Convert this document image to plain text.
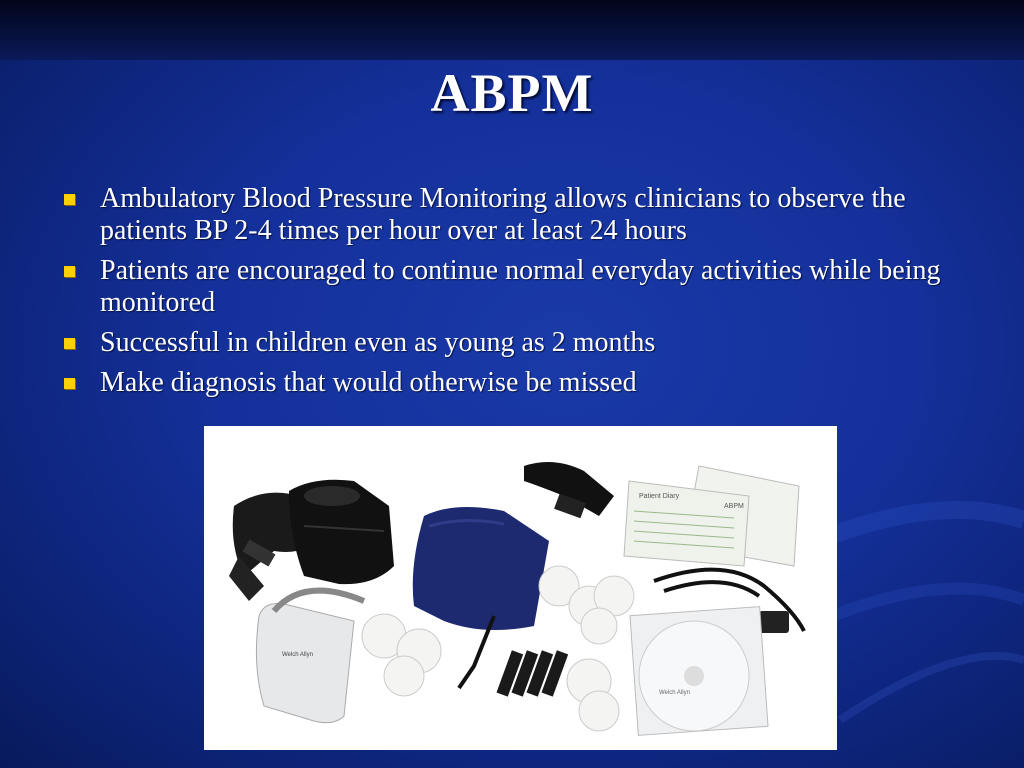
ABPM
Ambulatory Blood Pressure Monitoring allows clinicians to observe the patients BP 2-4 times per hour over at least 24 hours
Patients are encouraged to continue normal everyday activities while being monitored
Successful in children even as young as 2 months
Make diagnosis that would otherwise be missed
Patient Diary
ABPM
Welch Allyn
Welch Allyn
